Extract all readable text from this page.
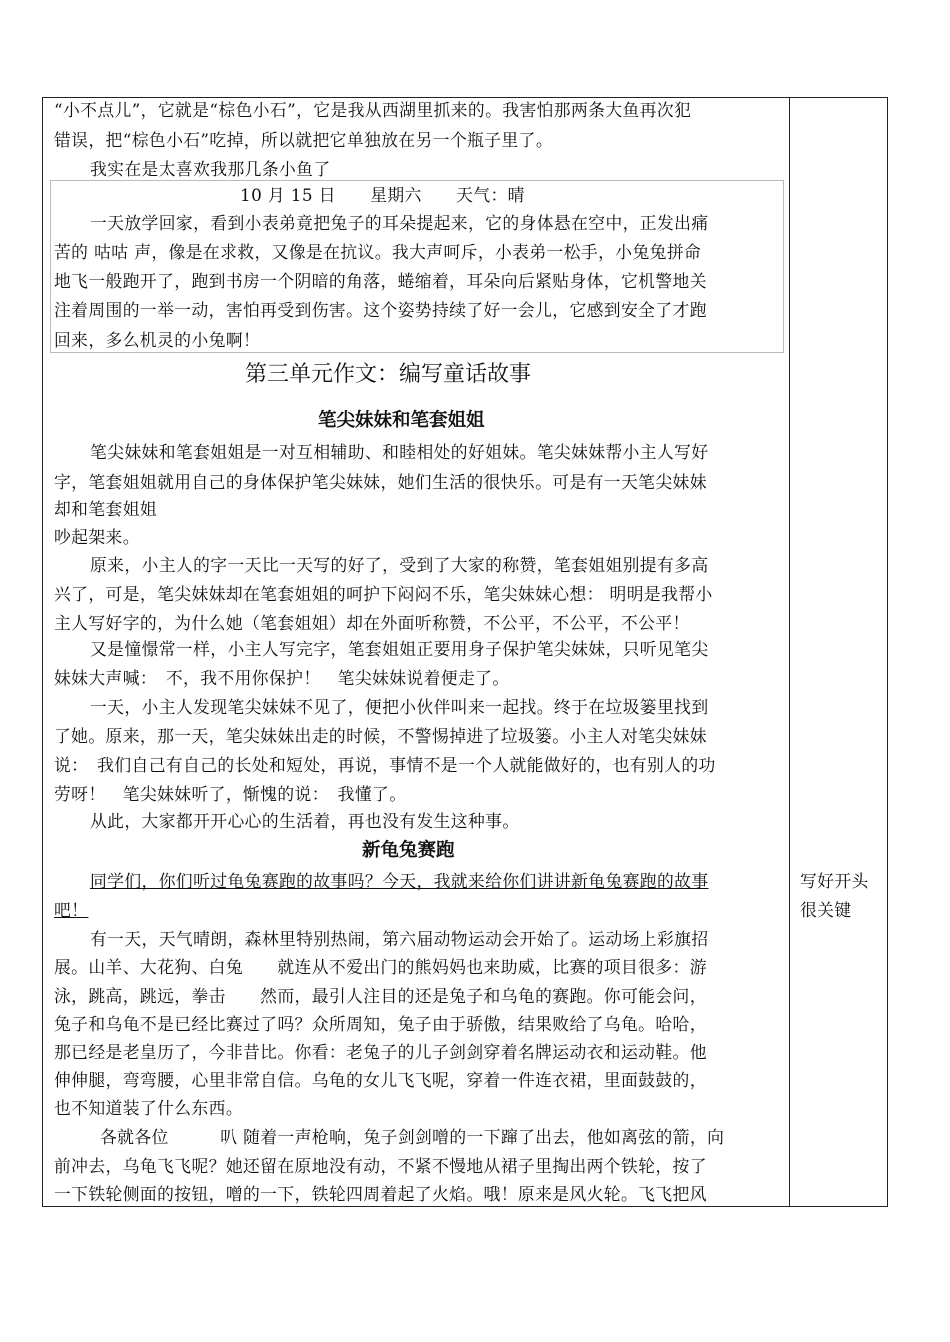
“小不点儿”，它就是“棕色小石”，它是我从西湖里抓来的。我害怕那两条大鱼再次犯
错误，把“棕色小石”吃掉，所以就把它单独放在另一个瓶子里了。
我实在是太喜欢我那几条小鱼了
10 月 15 日　　星期六　　天气：晴
一天放学回家，看到小表弟竟把兔子的耳朵提起来，它的身体悬在空中，正发出痛
苦的 咕咕 声，像是在求救，又像是在抗议。我大声呵斥，小表弟一松手，小兔兔拼命
地飞一般跑开了，跑到书房一个阴暗的角落，蜷缩着，耳朵向后紧贴身体，它机警地关
注着周围的一举一动，害怕再受到伤害。这个姿势持续了好一会儿，它感到安全了才跑
回来，多么机灵的小兔啊！
第三单元作文：编写童话故事
笔尖妹妹和笔套姐姐
笔尖妹妹和笔套姐姐是一对互相辅助、和睦相处的好姐妹。笔尖妹妹帮小主人写好
字，笔套姐姐就用自己的身体保护笔尖妹妹，她们生活的很快乐。可是有一天笔尖妹妹
却和笔套姐姐
吵起架来。
原来，小主人的字一天比一天写的好了，受到了大家的称赞，笔套姐姐别提有多高
兴了，可是，笔尖妹妹却在笔套姐姐的呵护下闷闷不乐，笔尖妹妹心想： 明明是我帮小
主人写好字的，为什么她（笔套姐姐）却在外面听称赞，不公平，不公平，不公平！
又是憧憬常一样，小主人写完字，笔套姐姐正要用身子保护笔尖妹妹，只听见笔尖
妹妹大声喊：　不，我不用你保护！　笔尖妹妹说着便走了。
一天，小主人发现笔尖妹妹不见了，便把小伙伴叫来一起找。终于在垃圾篓里找到
了她。原来，那一天，笔尖妹妹出走的时候，不警惕掉进了垃圾篓。小主人对笔尖妹妹
说：　我们自己有自己的长处和短处，再说，事情不是一个人就能做好的，也有别人的功
劳呀！　笔尖妹妹听了，惭愧的说：　我懂了。
从此，大家都开开心心的生活着，再也没有发生这种事。
新龟兔赛跑
同学们，你们听过龟兔赛跑的故事吗？今天，我就来给你们讲讲新龟兔赛跑的故事
吧！
有一天，天气晴朗，森林里特别热闹，第六届动物运动会开始了。运动场上彩旗招
展。山羊、大花狗、白兔　　就连从不爱出门的熊妈妈也来助威，比赛的项目很多：游
泳，跳高，跳远，拳击　　然而，最引人注目的还是兔子和乌龟的赛跑。你可能会问，
兔子和乌龟不是已经比赛过了吗？众所周知，兔子由于骄傲，结果败给了乌龟。哈哈，
那已经是老皇历了，今非昔比。你看：老兔子的儿子剑剑穿着名牌运动衣和运动鞋。他
伸伸腿，弯弯腰，心里非常自信。乌龟的女儿飞飞呢，穿着一件连衣裙，里面鼓鼓的，
也不知道装了什么东西。
各就各位　　　叭 随着一声枪响，兔子剑剑噌的一下蹿了出去，他如离弦的箭，向
前冲去，乌龟飞飞呢？她还留在原地没有动，不紧不慢地从裙子里掏出两个铁轮，按了
一下铁轮侧面的按钮，噌的一下，铁轮四周着起了火焰。哦！原来是风火轮。飞飞把风
写好开头
很关键
